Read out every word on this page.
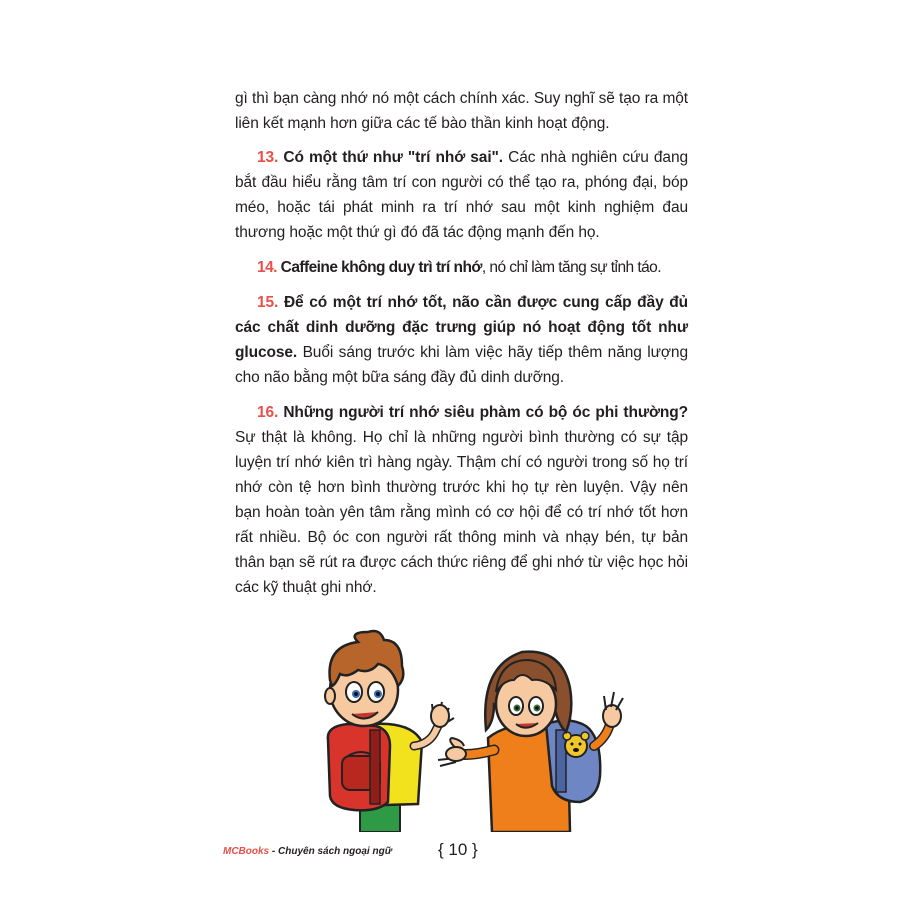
gì thì bạn càng nhớ nó một cách chính xác. Suy nghĩ sẽ tạo ra một liên kết mạnh hơn giữa các tế bào thần kinh hoạt động.

13. Có một thứ như "trí nhớ sai". Các nhà nghiên cứu đang bắt đầu hiểu rằng tâm trí con người có thể tạo ra, phóng đại, bóp méo, hoặc tái phát minh ra trí nhớ sau một kinh nghiệm đau thương hoặc một thứ gì đó đã tác động mạnh đến họ.

14. Caffeine không duy trì trí nhớ, nó chỉ làm tăng sự tỉnh táo.

15. Để có một trí nhớ tốt, não cần được cung cấp đầy đủ các chất dinh dưỡng đặc trưng giúp nó hoạt động tốt như glucose. Buổi sáng trước khi làm việc hãy tiếp thêm năng lượng cho não bằng một bữa sáng đầy đủ dinh dưỡng.

16. Những người trí nhớ siêu phàm có bộ óc phi thường? Sự thật là không. Họ chỉ là những người bình thường có sự tập luyện trí nhớ kiên trì hàng ngày. Thậm chí có người trong số họ trí nhớ còn tệ hơn bình thường trước khi họ tự rèn luyện. Vậy nên bạn hoàn toàn yên tâm rằng mình có cơ hội để có trí nhớ tốt hơn rất nhiều. Bộ óc con người rất thông minh và nhạy bén, tự bản thân bạn sẽ rút ra được cách thức riêng để ghi nhớ từ việc học hỏi các kỹ thuật ghi nhớ.

MCBooks - Chuyên sách ngoại ngữ	{ 10 }
